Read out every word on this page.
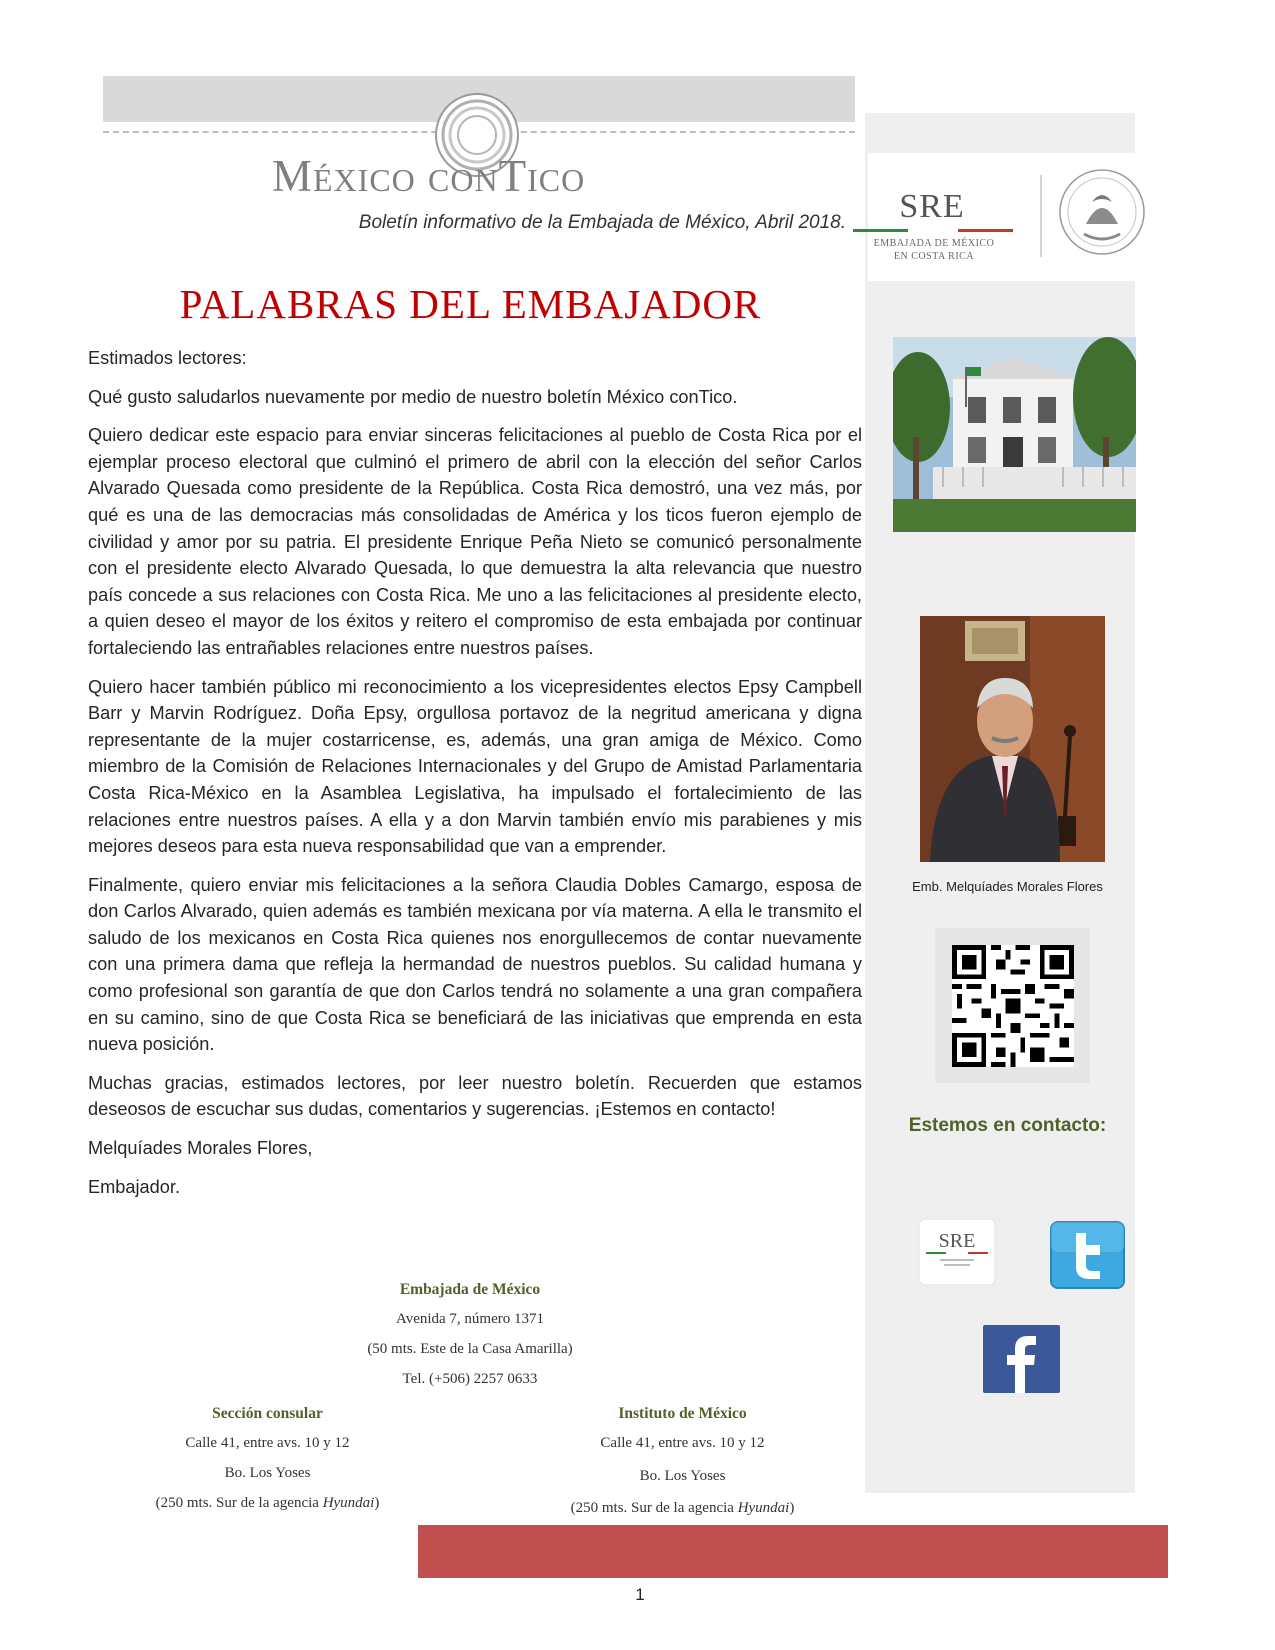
México conTico
Boletín informativo de la Embajada de México, Abril 2018. SRE
EMBAJADA DE MÉXICO
EN COSTA RICA
Emb. Melquíades Morales Flores
Estemos en contacto:
SRE
PALABRAS DEL EMBAJADOR

Estimados lectores:

Qué gusto saludarlos nuevamente por medio de nuestro boletín México conTico.

Quiero dedicar este espacio para enviar sinceras felicitaciones al pueblo de Costa Rica por el ejemplar proceso electoral que culminó el primero de abril con la elección del señor Carlos Alvarado Quesada como presidente de la República. Costa Rica demostró, una vez más, por qué es una de las democracias más consolidadas de América y los ticos fueron ejemplo de civilidad y amor por su patria. El presidente Enrique Peña Nieto se comunicó personalmente con el presidente electo Alvarado Quesada, lo que demuestra la alta relevancia que nuestro país concede a sus relaciones con Costa Rica. Me uno a las felicitaciones al presidente electo, a quien deseo el mayor de los éxitos y reitero el compromiso de esta embajada por continuar fortaleciendo las entrañables relaciones entre nuestros países.

Quiero hacer también público mi reconocimiento a los vicepresidentes electos Epsy Campbell Barr y Marvin Rodríguez. Doña Epsy, orgullosa portavoz de la negritud americana y digna representante de la mujer costarricense, es, además, una gran amiga de México. Como miembro de la Comisión de Relaciones Internacionales y del Grupo de Amistad Parlamentaria Costa Rica-México en la Asamblea Legislativa, ha impulsado el fortalecimiento de las relaciones entre nuestros países. A ella y a don Marvin también envío mis parabienes y mis mejores deseos para esta nueva responsabilidad que van a emprender.

Finalmente, quiero enviar mis felicitaciones a la señora Claudia Dobles Camargo, esposa de don Carlos Alvarado, quien además es también mexicana por vía materna. A ella le transmito el saludo de los mexicanos en Costa Rica quienes nos enorgullecemos de contar nuevamente con una primera dama que refleja la hermandad de nuestros pueblos. Su calidad humana y como profesional son garantía de que don Carlos tendrá no solamente a una gran compañera en su camino, sino de que Costa Rica se beneficiará de las iniciativas que emprenda en esta nueva posición.

Muchas gracias, estimados lectores, por leer nuestro boletín. Recuerden que estamos deseosos de escuchar sus dudas, comentarios y sugerencias. ¡Estemos en contacto!

Melquíades Morales Flores,

Embajador.

Embajada de México
Avenida 7, número 1371
(50 mts. Este de la Casa Amarilla)
Tel. (+506) 2257 0633
Sección consular
Calle 41, entre avs. 10 y 12
Bo. Los Yoses
(250 mts. Sur de la agencia Hyundai)
Instituto de México
Calle 41, entre avs. 10 y 12
Bo. Los Yoses
(250 mts. Sur de la agencia Hyundai)
1
